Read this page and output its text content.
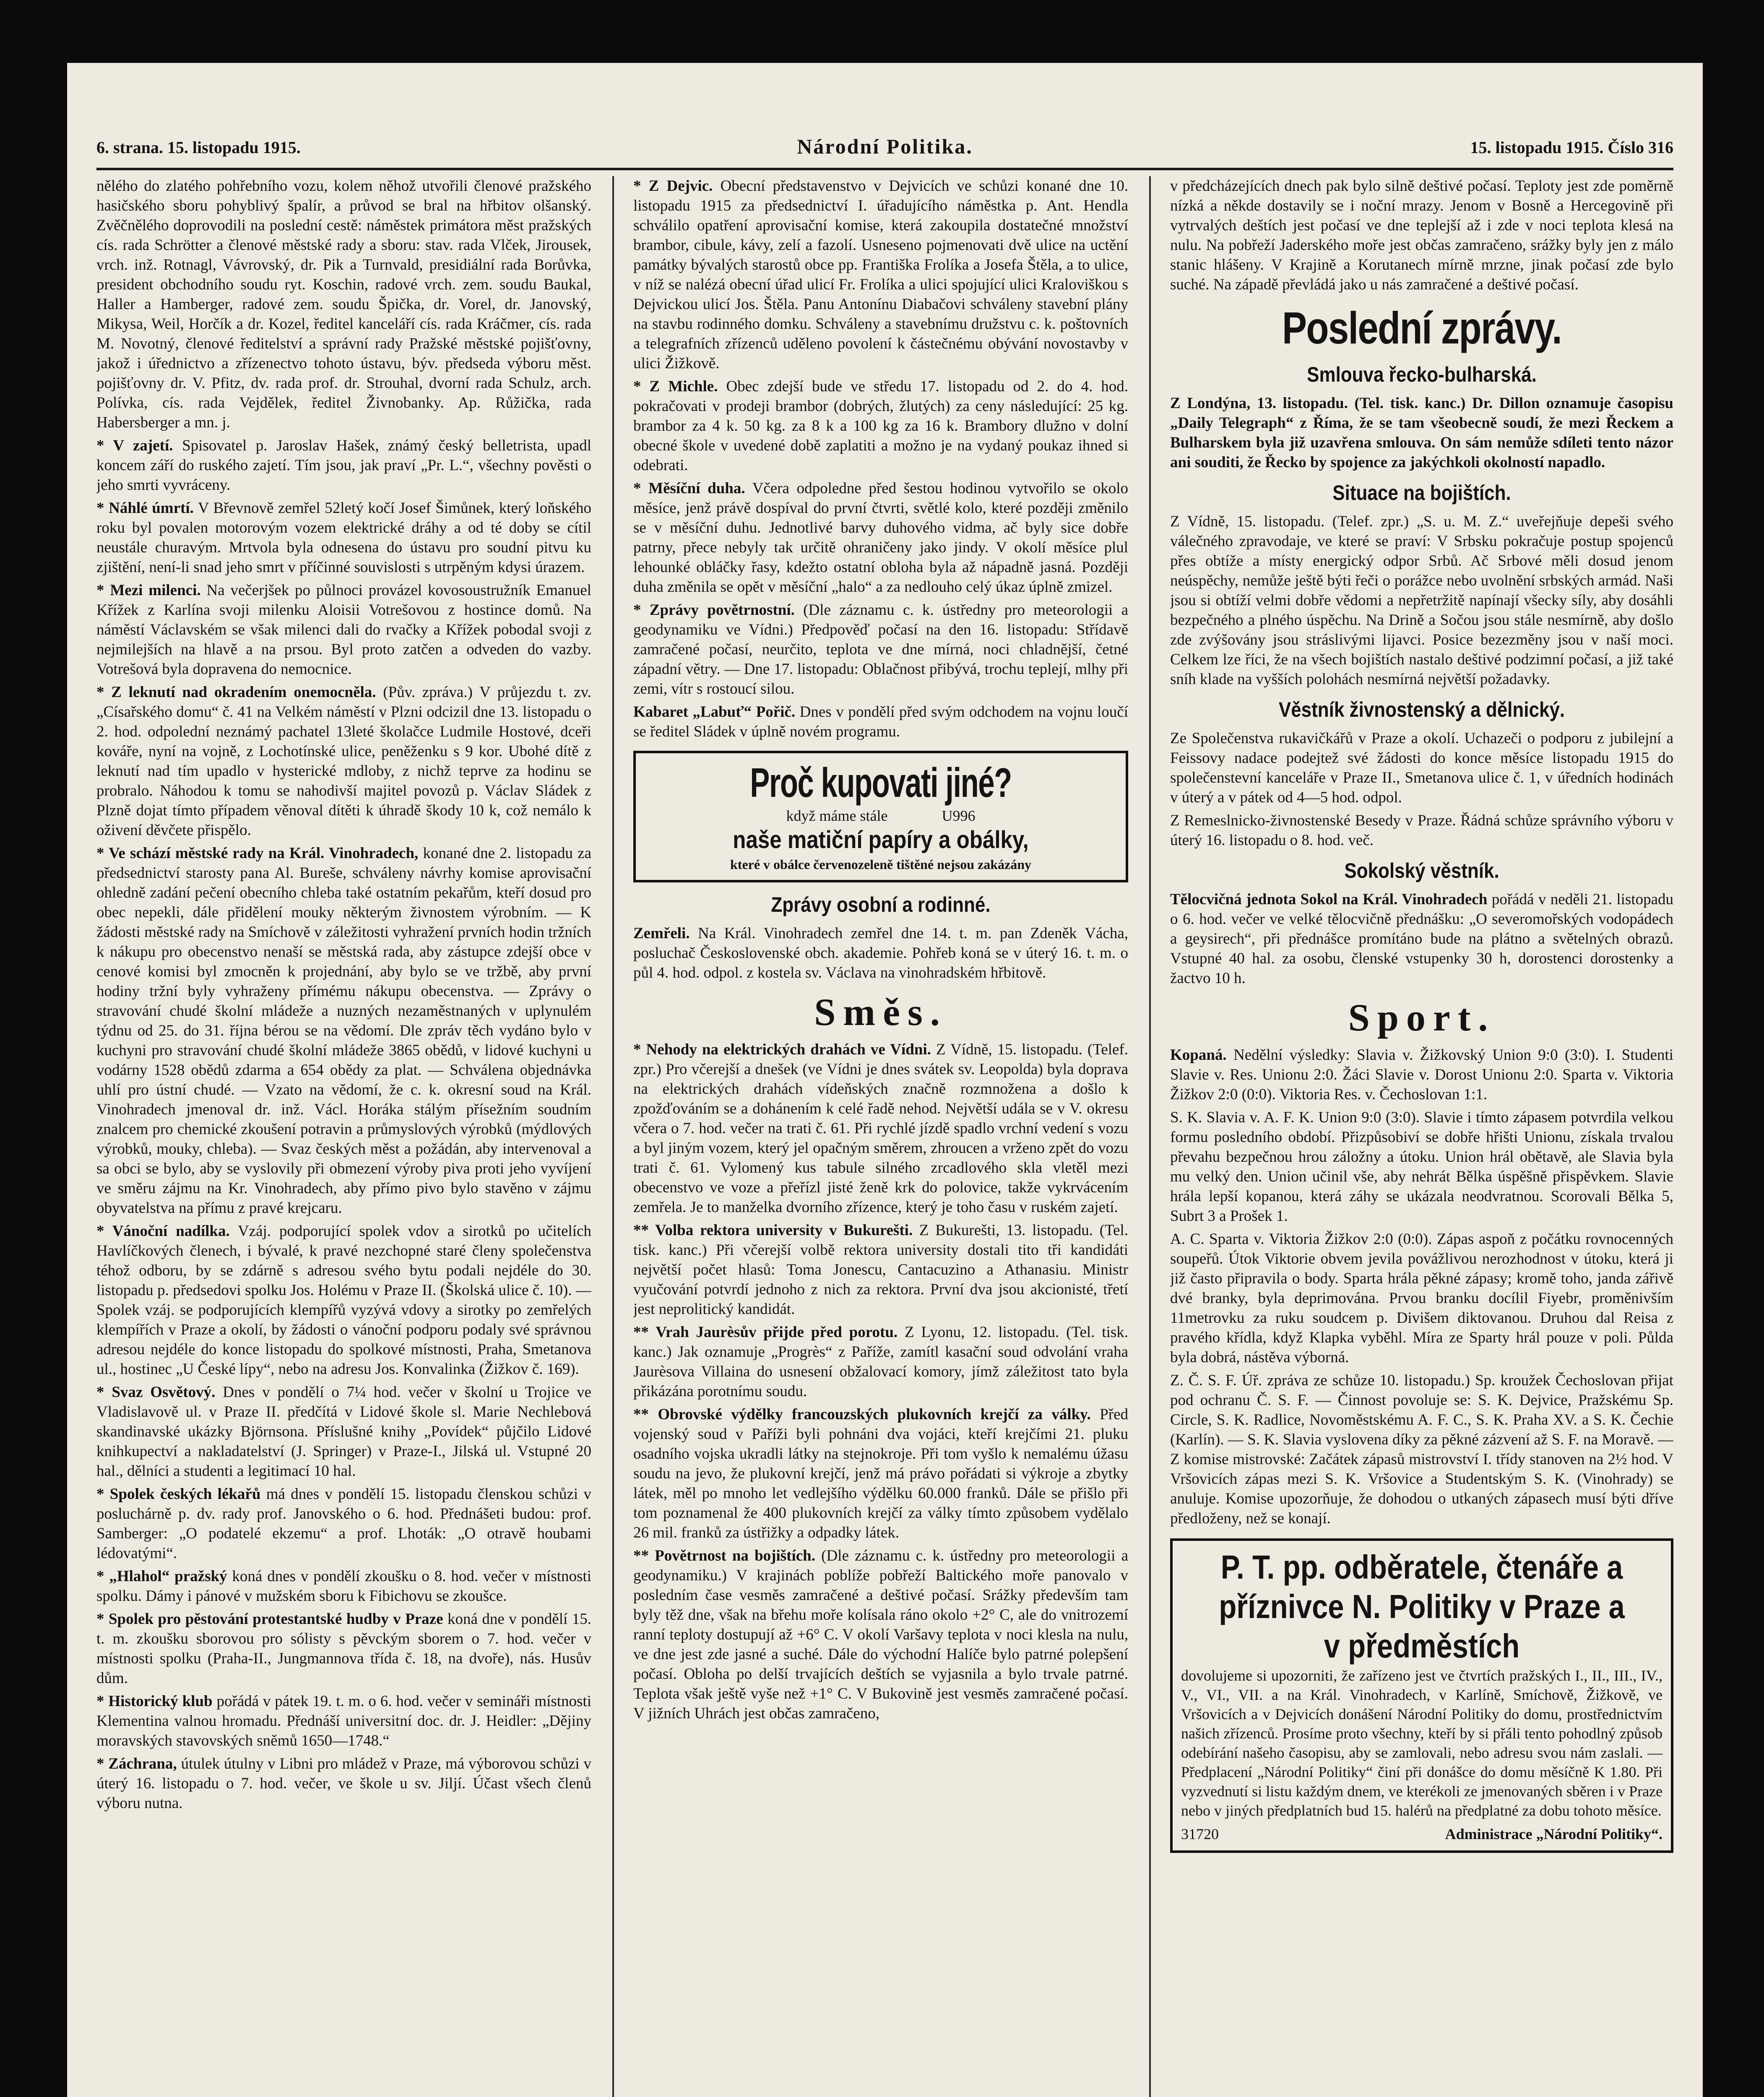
6. strana. 15. listopadu 1915.	Národní Politika.	15. listopadu 1915. Číslo 316

nělého do zlatého pohřebního vozu, kolem něhož utvořili členové pražského hasičského sboru pohyblivý špalír, a průvod se bral na hřbitov olšanský. Zvěčnělého doprovodili na poslední cestě: náměstek primátora měst pražských cís. rada Schrötter a členové městské rady a sboru: stav. rada Vlček, Jirousek, vrch. inž. Rotnagl, Vávrovský, dr. Pik a Turnvald, presidiální rada Borůvka, president obchodního soudu ryt. Koschin, radové vrch. zem. soudu Baukal, Haller a Hamberger, radové zem. soudu Špička, dr. Vorel, dr. Janovský, Mikysa, Weil, Horčík a dr. Kozel, ředitel kanceláří cís. rada Kráčmer, cís. rada M. Novotný, členové ředitelství a správní rady Pražské městské pojišťovny, jakož i úřednictvo a zřízenectvo tohoto ústavu, býv. předseda výboru měst. pojišťovny dr. V. Pfitz, dv. rada prof. dr. Strouhal, dvorní rada Schulz, arch. Polívka, cís. rada Vejdělek, ředitel Živnobanky. Ap. Růžička, rada Habersberger a mn. j.

* V zajetí. Spisovatel p. Jaroslav Hašek, známý český belletrista, upadl koncem září do ruského zajetí. Tím jsou, jak praví „Pr. L.“, všechny pověsti o jeho smrti vyvráceny.

* Náhlé úmrtí. V Břevnově zemřel 52letý kočí Josef Šimůnek, který loňského roku byl povalen motorovým vozem elektrické dráhy a od té doby se cítil neustále churavým. Mrtvola byla odnesena do ústavu pro soudní pitvu ku zjištění, není-li snad jeho smrt v příčinné souvislosti s utrpěným kdysi úrazem.

* Mezi milenci. Na večerjšek po půlnoci provázel kovosoustružník Emanuel Křížek z Karlína svoji milenku Aloisii Votrešovou z hostince domů. Na náměstí Václavském se však milenci dali do rvačky a Křížek pobodal svoji z nejmilejších na hlavě a na prsou. Byl proto zatčen a odveden do vazby. Votrešová byla dopravena do nemocnice.

* Z leknutí nad okradením onemocněla. (Pův. zpráva.) V průjezdu t. zv. „Císařského domu“ č. 41 na Velkém náměstí v Plzni odcizil dne 13. listopadu o 2. hod. odpolední neznámý pachatel 13leté školačce Ludmile Hostové, dceři kováře, nyní na vojně, z Lochotínské ulice, peněženku s 9 kor. Ubohé dítě z leknutí nad tím upadlo v hysterické mdloby, z nichž teprve za hodinu se probralo. Náhodou k tomu se nahodivší majitel povozů p. Václav Sládek z Plzně dojat tímto případem věnoval dítěti k úhradě škody 10 k, což nemálo k oživení děvčete přispělo.

* Ve schází městské rady na Král. Vinohradech, konané dne 2. listopadu za předsednictví starosty pana Al. Bureše, schváleny návrhy komise aprovisační ohledně zadání pečení obecního chleba také ostatním pekařům, kteří dosud pro obec nepekli, dále přidělení mouky některým živnostem výrobním. — K žádosti městské rady na Smíchově v záležitosti vyhražení prvních hodin tržních k nákupu pro obecenstvo nenaší se městská rada, aby zástupce zdejší obce v cenové komisi byl zmocněn k projednání, aby bylo se ve tržbě, aby první hodiny tržní byly vyhraženy přímému nákupu obecenstva. — Zprávy o stravování chudé školní mládeže a nuzných nezaměstnaných v uplynulém týdnu od 25. do 31. října bérou se na vědomí. Dle zpráv těch vydáno bylo v kuchyni pro stravování chudé školní mládeže 3865 obědů, v lidové kuchyni u vodárny 1528 obědů zdarma a 654 obědy za plat. — Schválena objednávka uhlí pro ústní chudé. — Vzato na vědomí, že c. k. okresní soud na Král. Vinohradech jmenoval dr. inž. Václ. Horáka stálým přísežním soudním znalcem pro chemické zkoušení potravin a průmyslových výrobků (mýdlových výrobků, mouky, chleba). — Svaz českých měst a požádán, aby intervenoval a sa obci se bylo, aby se vyslovily při obmezení výroby piva proti jeho vyvíjení ve směru zájmu na Kr. Vinohradech, aby přímo pivo bylo stavěno v zájmu obyvatelstva na přímu z pravé krejcaru.

* Vánoční nadílka. Vzáj. podporující spolek vdov a sirotků po učitelích Havlíčkových členech, i bývalé, k pravé nezchopné staré členy společenstva téhož odboru, by se zdárně s adresou svého bytu podali nejdéle do 30. listopadu p. předsedovi spolku Jos. Holému v Praze II. (Školská ulice č. 10). — Spolek vzáj. se podporujících klempířů vyzývá vdovy a sirotky po zemřelých klempířích v Praze a okolí, by žádosti o vánoční podporu podaly své správnou adresou nejdéle do konce listopadu do spolkové místnosti, Praha, Smetanova ul., hostinec „U České lípy“, nebo na adresu Jos. Konvalinka (Žižkov č. 169).

* Svaz Osvětový. Dnes v pondělí o 7¼ hod. večer v školní u Trojice ve Vladislavově ul. v Praze II. předčítá v Lidové škole sl. Marie Nechlebová skandinavské ukázky Björnsona. Příslušné knihy „Povídek“ půjčilo Lidové knihkupectví a nakladatelství (J. Springer) v Praze-I., Jilská ul. Vstupné 20 hal., dělníci a studenti a legitimací 10 hal.

* Spolek českých lékařů má dnes v pondělí 15. listopadu členskou schůzi v posluchárně p. dv. rady prof. Janovského o 6. hod. Přednášeti budou: prof. Samberger: „O podatelé ekzemu“ a prof. Lhoták: „O otravě houbami lédovatými“.

* „Hlahol“ pražský koná dnes v pondělí zkoušku o 8. hod. večer v místnosti spolku. Dámy i pánové v mužském sboru k Fibichovu se zkoušce.

* Spolek pro pěstování protestantské hudby v Praze koná dne v pondělí 15. t. m. zkoušku sborovou pro sólisty s pěvckým sborem o 7. hod. večer v místnosti spolku (Praha-II., Jungmannova třída č. 18, na dvoře), nás. Husův dům.

* Historický klub pořádá v pátek 19. t. m. o 6. hod. večer v semináři místnosti Klementina valnou hromadu. Přednáší universitní doc. dr. J. Heidler: „Dějiny moravských stavovských sněmů 1650—1748.“

* Záchrana, útulek útulny v Libni pro mládež v Praze, má výborovou schůzi v úterý 16. listopadu o 7. hod. večer, ve škole u sv. Jiljí. Účast všech členů výboru nutna.

* Z Dejvic. Obecní představenstvo v Dejvicích ve schůzi konané dne 10. listopadu 1915 za předsednictví I. úřadujícího náměstka p. Ant. Hendla schválilo opatření aprovisační komise, která zakoupila dostatečné množství brambor, cibule, kávy, zelí a fazolí. Usneseno pojmenovati dvě ulice na uctění památky bývalých starostů obce pp. Františka Frolíka a Josefa Štěla, a to ulice, v níž se nalézá obecní úřad ulicí Fr. Frolíka a ulici spojující ulici Kraloviškou s Dejvickou ulicí Jos. Štěla. Panu Antonínu Diabačovi schváleny stavební plány na stavbu rodinného domku. Schváleny a stavebnímu družstvu c. k. poštovních a telegrafních zřízenců uděleno povolení k částečnému obývání novostavby v ulici Žižkově.

* Z Michle. Obec zdejší bude ve středu 17. listopadu od 2. do 4. hod. pokračovati v prodeji brambor (dobrých, žlutých) za ceny následující: 25 kg. brambor za 4 k. 50 kg. za 8 k a 100 kg za 16 k. Brambory dlužno v dolní obecné škole v uvedené době zaplatiti a možno je na vydaný poukaz ihned si odebrati.

* Měsíční duha. Včera odpoledne před šestou hodinou vytvořilo se okolo měsíce, jenž právě dospíval do první čtvrti, světlé kolo, které později změnilo se v měsíční duhu. Jednotlivé barvy duhového vidma, ač byly sice dobře patrny, přece nebyly tak určitě ohraničeny jako jindy. V okolí měsíce plul lehounké obláčky řasy, kdežto ostatní obloha byla až nápadně jasná. Později duha změnila se opět v měsíční „halo“ a za nedlouho celý úkaz úplně zmizel.

* Zprávy povětrnostní. (Dle záznamu c. k. ústředny pro meteorologii a geodynamiku ve Vídni.) Předpověď počasí na den 16. listopadu: Střídavě zamračené počasí, neurčito, teplota ve dne mírná, noci chladnější, četné západní větry. — Dne 17. listopadu: Oblačnost přibývá, trochu teplejí, mlhy při zemi, vítr s rostoucí silou.

Kabaret „Labuť“ Pořič. Dnes v pondělí před svým odchodem na vojnu loučí se ředitel Sládek v úplně novém programu.

Proč kupovati jiné?
když máme stále	U996
naše matiční papíry a obálky,
které v obálce červenozeleně tištěné nejsou zakázány
Zprávy osobní a rodinné.

Zemřeli. Na Král. Vinohradech zemřel dne 14. t. m. pan Zdeněk Vácha, posluchač Československé obch. akademie. Pohřeb koná se v úterý 16. t. m. o půl 4. hod. odpol. z kostela sv. Václava na vinohradském hřbitově.

Směs.

* Nehody na elektrických drahách ve Vídni. Z Vídně, 15. listopadu. (Telef. zpr.) Pro včerejší a dnešek (ve Vídni je dnes svátek sv. Leopolda) byla doprava na elektrických drahách vídeňských značně rozmnožena a došlo k zpožďováním se a dohánením k celé řadě nehod. Největší udála se v V. okresu včera o 7. hod. večer na trati č. 61. Při rychlé jízdě spadlo vrchní vedení s vozu a byl jiným vozem, který jel opačným směrem, zhroucen a vrženo zpět do vozu trati č. 61. Vylomený kus tabule silného zrcadlového skla vletěl mezi obecenstvo ve voze a přeřízl jisté ženě krk do polovice, takže vykrvácením zemřela. Je to manželka dvorního zřízence, který je toho času v ruském zajetí.

** Volba rektora university v Bukurešti. Z Bukurešti, 13. listopadu. (Tel. tisk. kanc.) Při včerejší volbě rektora university dostali tito tři kandidáti největší počet hlasů: Toma Jonescu, Cantacuzino a Athanasiu. Ministr vyučování potvrdí jednoho z nich za rektora. První dva jsou akcionisté, třetí jest neprolitický kandidát.

** Vrah Jaurèsův přijde před porotu. Z Lyonu, 12. listopadu. (Tel. tisk. kanc.) Jak oznamuje „Progrès“ z Paříže, zamítl kasační soud odvolání vraha Jaurèsova Villaina do usnesení obžalovací komory, jímž záležitost tato byla přikázána porotnímu soudu.

** Obrovské výdělky francouzských plukovních krejčí za války. Před vojenský soud v Paříži byli pohnáni dva vojáci, kteří krejčími 21. pluku osadního vojska ukradli látky na stejnokroje. Při tom vyšlo k nemalému úžasu soudu na jevo, že plukovní krejčí, jenž má právo pořádati si výkroje a zbytky látek, měl po mnoho let vedlejšího výdělku 60.000 franků. Dále se přišlo při tom poznamenal že 400 plukovních krejčí za války tímto způsobem vydělalo 26 mil. franků za ústřižky a odpadky látek.

** Povětrnost na bojištích. (Dle záznamu c. k. ústředny pro meteorologii a geodynamiku.) V krajinách poblíže pobřeží Baltického moře panovalo v posledním čase vesměs zamračené a deštivé počasí. Srážky především tam byly těž dne, však na břehu moře kolísala ráno okolo +2° C, ale do vnitrozemí ranní teploty dostupují až +6° C. V okolí Varšavy teplota v noci klesla na nulu, ve dne jest zde jasné a suché. Dále do východní Halíče bylo patrné polepšení počasí. Obloha po delší trvajících deštích se vyjasnila a bylo trvale patrné. Teplota však ještě vyše než +1° C. V Bukovině jest vesměs zamračené počasí. V jižních Uhrách jest občas zamračeno,

v předcházejících dnech pak bylo silně deštivé počasí. Teploty jest zde poměrně nízká a někde dostavily se i noční mrazy. Jenom v Bosně a Hercegovině při vytrvalých deštích jest počasí ve dne teplejší až i zde v noci teplota klesá na nulu. Na pobřeží Jaderského moře jest občas zamračeno, srážky byly jen z málo stanic hlášeny. V Krajině a Korutanech mírně mrzne, jinak počasí zde bylo suché. Na západě převládá jako u nás zamračené a deštivé počasí.

Poslední zprávy.
Smlouva řecko-bulharská.

Z Londýna, 13. listopadu. (Tel. tisk. kanc.) Dr. Dillon oznamuje časopisu „Daily Telegraph“ z Říma, že se tam všeobecně soudí, že mezi Řeckem a Bulharskem byla již uzavřena smlouva. On sám nemůže sdíleti tento názor ani souditi, že Řecko by spojence za jakýchkoli okolností napadlo.

Situace na bojištích.

Z Vídně, 15. listopadu. (Telef. zpr.) „S. u. M. Z.“ uveřejňuje depeši svého válečného zpravodaje, ve které se praví: V Srbsku pokračuje postup spojenců přes obtíže a místy energický odpor Srbů. Ač Srbové měli dosud jenom neúspěchy, nemůže ještě býti řeči o porážce nebo uvolnění srbských armád. Naši jsou si obtíží velmi dobře vědomi a nepřetržitě napínají všecky síly, aby dosáhli bezpečného a plného úspěchu. Na Drině a Sočou jsou stále nesmírně, aby došlo zde zvýšovány jsou stráslivými lijavci. Posice bezezměny jsou v naší moci. Celkem lze říci, že na všech bojištích nastalo deštivé podzimní počasí, a již také sníh klade na vyšších polohách nesmírná největší požadavky.

Věstník živnostenský a dělnický.

Ze Společenstva rukavičkářů v Praze a okolí. Uchazeči o podporu z jubilejní a Feissovy nadace podejtež své žádosti do konce měsíce listopadu 1915 do společenstevní kanceláře v Praze II., Smetanova ulice č. 1, v úředních hodinách v úterý a v pátek od 4—5 hod. odpol.

Z Remeslnicko-živnostenské Besedy v Praze. Řádná schůze správního výboru v úterý 16. listopadu o 8. hod. več.

Sokolský věstník.

Tělocvičná jednota Sokol na Král. Vinohradech pořádá v neděli 21. listopadu o 6. hod. večer ve velké tělocvičně přednášku: „O severomořských vodopádech a geysirech“, při přednášce promítáno bude na plátno a světelných obrazů. Vstupné 40 hal. za osobu, členské vstupenky 30 h, dorostenci dorostenky a žactvo 10 h.

Sport.

Kopaná. Nedělní výsledky: Slavia v. Žižkovský Union 9:0 (3:0). I. Studenti Slavie v. Res. Unionu 2:0. Žáci Slavie v. Dorost Unionu 2:0. Sparta v. Viktoria Žižkov 2:0 (0:0). Viktoria Res. v. Čechoslovan 1:1.

S. K. Slavia v. A. F. K. Union 9:0 (3:0). Slavie i tímto zápasem potvrdila velkou formu posledního období. Přizpůsobiví se dobře hřišti Unionu, získala trvalou převahu bezpečnou hrou záložny a útoku. Union hrál obětavě, ale Slavia byla mu velký den. Union učinil vše, aby nehrát Bělka úspěšně přispěvkem. Slavie hrála lepší kopanou, která záhy se ukázala neodvratnou. Scorovali Bělka 5, Subrt 3 a Prošek 1.

A. C. Sparta v. Viktoria Žižkov 2:0 (0:0). Zápas aspoň z počátku rovnocenných soupeřů. Útok Viktorie obvem jevila povážlivou nerozhodnost v útoku, která ji již často připravila o body. Sparta hrála pěkné zápasy; kromě toho, janda zářivě dvé branky, byla deprimována. Prvou branku docílil Fiyebr, proměnivším 11metrovku za ruku soudcem p. Divišem diktovanou. Druhou dal Reisa z pravého křídla, když Klapka vyběhl. Míra ze Sparty hrál pouze v poli. Půlda byla dobrá, nástěva výborná.

Z. Č. S. F. Úř. zpráva ze schůze 10. listopadu.) Sp. kroužek Čechoslovan přijat pod ochranu Č. S. F. — Činnost povoluje se: S. K. Dejvice, Pražskému Sp. Circle, S. K. Radlice, Novoměstskému A. F. C., S. K. Praha XV. a S. K. Čechie (Karlín). — S. K. Slavia vyslovena díky za pěkné zázvení až S. F. na Moravě. — Z komise mistrovské: Začátek zápasů mistrovství I. třídy stanoven na 2½ hod. V Vršovicích zápas mezi S. K. Vršovice a Studentským S. K. (Vinohrady) se anuluje. Komise upozorňuje, že dohodou o utkaných zápasech musí býti dříve předloženy, než se konají.

P. T. pp. odběratele, čtenáře a příznivce N. Politiky v Praze a v předměstích
dovolujeme si upozorniti, že zařízeno jest ve čtvrtích pražských I., II., III., IV., V., VI., VII. a na Král. Vinohradech, v Karlíně, Smíchově, Žižkově, ve Vršovicích a v Dejvicích donášení Národní Politiky do domu, prostřednictvím našich zřízenců. Prosíme proto všechny, kteří by si přáli tento pohodlný způsob odebírání našeho časopisu, aby se zamlovali, nebo adresu svou nám zaslali. — Předplacení „Národní Politiky“ činí při donášce do domu měsíčně K 1.80. Při vyzvednutí si listu každým dnem, ve kterékoli ze jmenovaných sběren i v Praze nebo v jiných předplatních bud 15. halérů na předplatné za dobu tohoto měsíce.
31720	Administrace „Národní Politiky“.
